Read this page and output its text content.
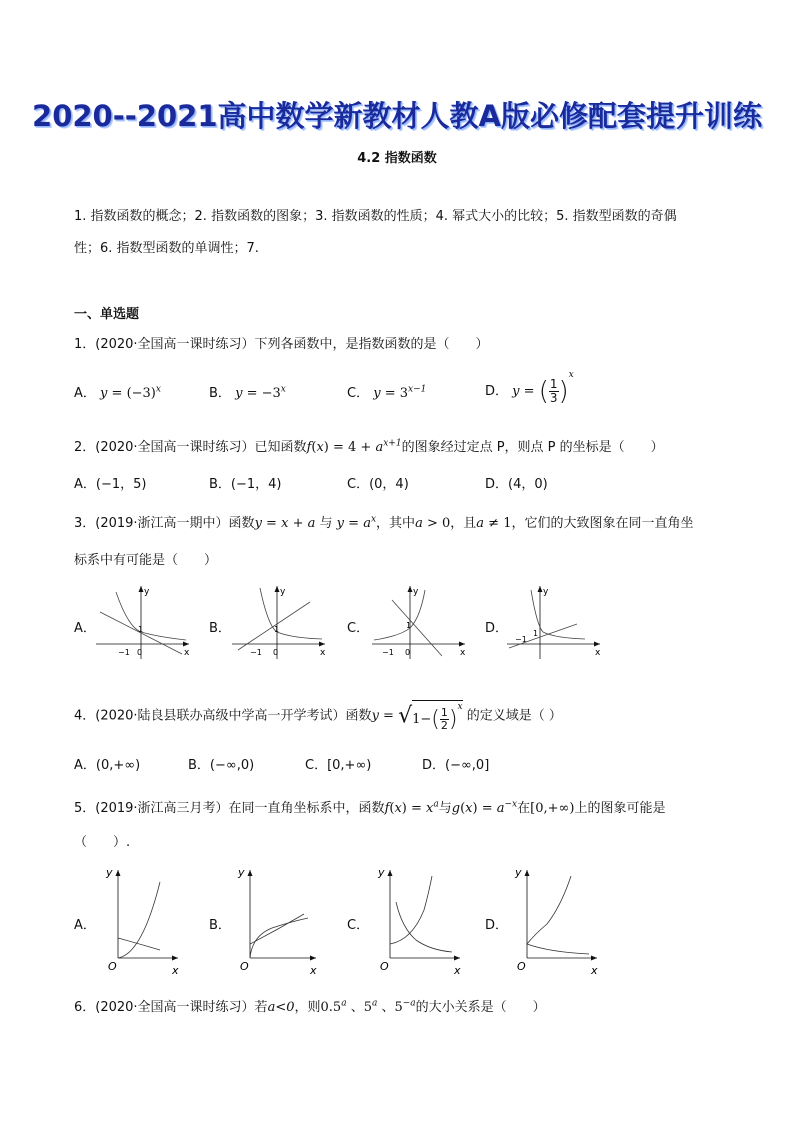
2020--2021高中数学新教材人教A版必修配套提升训练
4.2 指数函数
1. 指数函数的概念；2. 指数函数的图象；3. 指数函数的性质；4. 幂式大小的比较；5. 指数型函数的奇偶
性；6. 指数型函数的单调性；7.
一、单选题
1．(2020·全国高一课时练习）下列各函数中，是指数函数的是（　　）
A． $y = (-3)^x$	B． $y = -3^x$	C． $y = 3^{x-1}$	D． y = ( $\frac{1}{3} )^x$
2．(2020·全国高一课时练习）已知函数$f(x) = 4 + a^{x+1}$的图象经过定点 P，则点 P 的坐标是（　　）
A．(−1，5)	B．(−1，4)	C．(0，4)	D．(4，0)
3．(2019·浙江高一期中）函数y = x + a 与 $y = a^x$，其中a > 0，且a ≠ 1，它们的大致图象在同一直角坐
标系中有可能是（　　）
A．	B．	C．	D．
y
x
1
0
−1
y
x
1
0
−1
y
x
1
0
−1
y
x
1
−1
4．(2020·陆良县联办高级中学高一开学考试）函数$y = √1-( \frac{1}{2} )^x$ 的定义域是（ ）
A．(0,+∞)	B．(−∞,0)	C．[0,+∞)	D．(−∞,0]
5．(2019·浙江高三月考）在同一直角坐标系中，函数$f(x) = x^a$与$g(x) = a^{-x}$在[0,+∞)上的图象可能是
（　　）.
A．	B．	C．	D．
y
O	x
y
O	x
y
O	x
y
O	x
6．(2020·全国高一课时练习）若a<0，则0.5$^a$ 、5$^a$ 、$5^{-a}$的大小关系是（　　）
